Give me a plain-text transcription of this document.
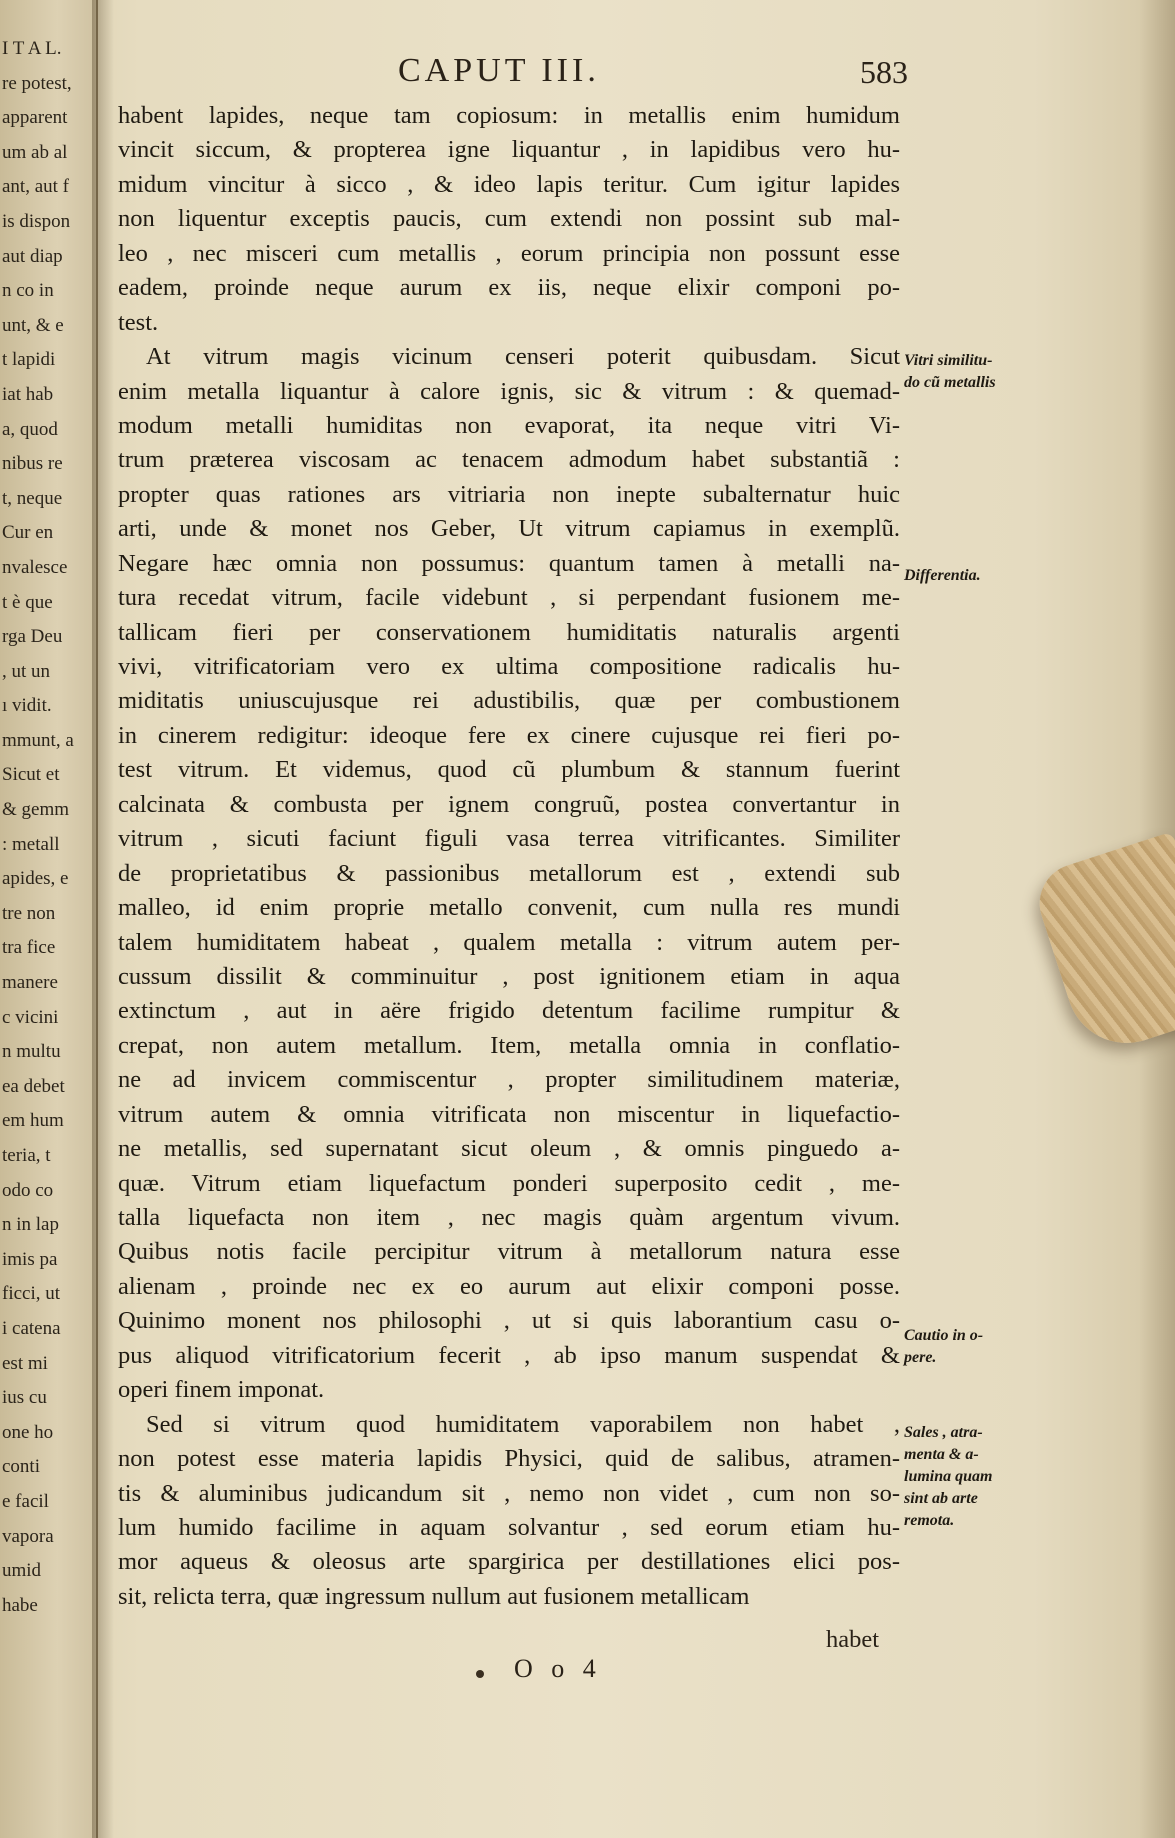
I T A L.
re potest,
apparent
um ab al
ant, aut f
is dispon
aut diap
n co in
unt, & e
t lapidi
iat hab
a, quod
nibus re
t, neque
Cur en
nvalesce
t è que
rga Deu
, ut un
ı vidit.
mmunt, a
Sicut et
& gemm
: metall
apides, e
tre non
tra fice
manere
c vicini
n multu
ea debet
em hum
teria, t
odo co
n in lap
imis pa
ficci, ut
i catena
est mi
ius cu
one ho
conti
e facil
vapora
umid
habe
CAPUT III.	583
habent lapides, neque tam copiosum: in metallis enim humidum
vincit siccum, & propterea igne liquantur , in lapidibus vero hu-
midum vincitur à sicco , & ideo lapis teritur. Cum igitur lapides
non liquentur exceptis paucis, cum extendi non possint sub mal-
leo , nec misceri cum metallis , eorum principia non possunt esse
eadem, proinde neque aurum ex iis, neque elixir componi po-
test.
At vitrum magis vicinum censeri poterit quibusdam. Sicut
enim metalla liquantur à calore ignis, sic & vitrum : & quemad-
modum metalli humiditas non evaporat, ita neque vitri Vi-
trum præterea viscosam ac tenacem admodum habet substantiã :
propter quas rationes ars vitriaria non inepte subalternatur huic
arti, unde & monet nos Geber, Ut vitrum capiamus in exemplũ.
Negare hæc omnia non possumus: quantum tamen à metalli na-
tura recedat vitrum, facile videbunt , si perpendant fusionem me-
tallicam fieri per conservationem humiditatis naturalis argenti
vivi, vitrificatoriam vero ex ultima compositione radicalis hu-
miditatis uniuscujusque rei adustibilis, quæ per combustionem
in cinerem redigitur: ideoque fere ex cinere cujusque rei fieri po-
test vitrum. Et videmus, quod cũ plumbum & stannum fuerint
calcinata & combusta per ignem congruũ, postea convertantur in
vitrum , sicuti faciunt figuli vasa terrea vitrificantes. Similiter
de proprietatibus & passionibus metallorum est , extendi sub
malleo, id enim proprie metallo convenit, cum nulla res mundi
talem humiditatem habeat , qualem metalla : vitrum autem per-
cussum dissilit & comminuitur , post ignitionem etiam in aqua
extinctum , aut in aëre frigido detentum facilime rumpitur &
crepat, non autem metallum. Item, metalla omnia in conflatio-
ne ad invicem commiscentur , propter similitudinem materiæ,
vitrum autem & omnia vitrificata non miscentur in liquefactio-
ne metallis, sed supernatant sicut oleum , & omnis pinguedo a-
quæ. Vitrum etiam liquefactum ponderi superposito cedit , me-
talla liquefacta non item , nec magis quàm argentum vivum.
Quibus notis facile percipitur vitrum à metallorum natura esse
alienam , proinde nec ex eo aurum aut elixir componi posse.
Quinimo monent nos philosophi , ut si quis laborantium casu o-
pus aliquod vitrificatorium fecerit , ab ipso manum suspendat &
operi finem imponat.
Sed si vitrum quod humiditatem vaporabilem non habet ,
non potest esse materia lapidis Physici, quid de salibus, atramen-
tis & aluminibus judicandum sit , nemo non videt , cum non so-
lum humido facilime in aquam solvantur , sed eorum etiam hu-
mor aqueus & oleosus arte spargirica per destillationes elici pos-
sit, relicta terra, quæ ingressum nullum aut fusionem metallicam
Vitri similitu-
do cũ metallis
Differentia.
Cautio in o-
pere.
Sales , atra-
menta & a-
lumina quam
sint ab arte
remota.
habet
O o 4
